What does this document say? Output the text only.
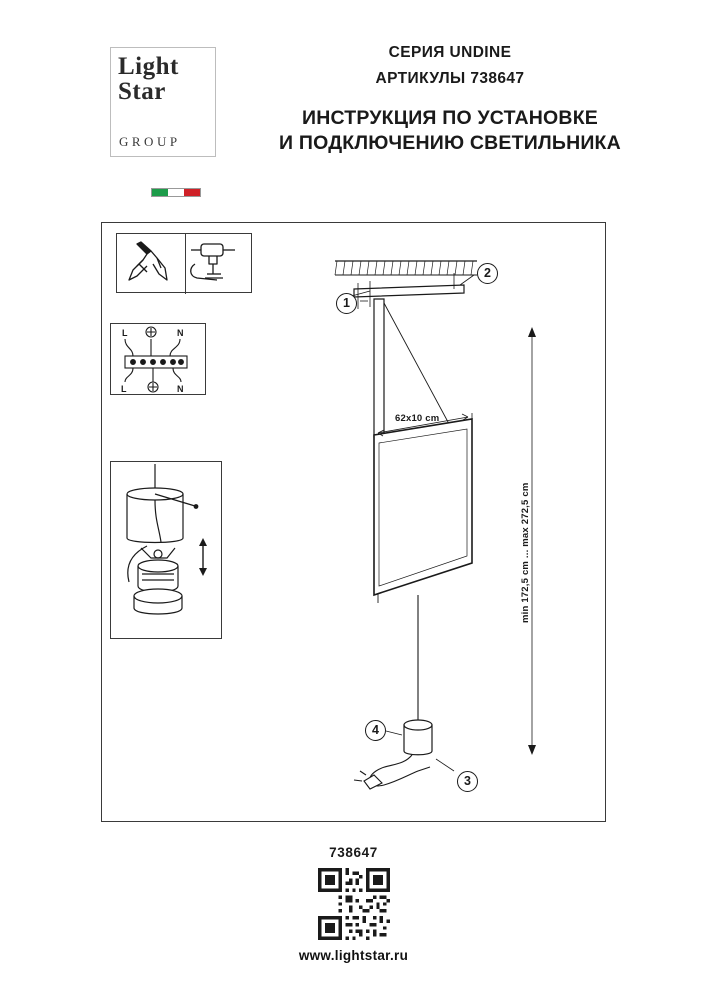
Light
Star
GROUP
СЕРИЯ UNDINE
АРТИКУЛЫ 738647
ИНСТРУКЦИЯ ПО УСТАНОВКЕ
И ПОДКЛЮЧЕНИЮ СВЕТИЛЬНИКА
L	N
L	N
1
2
3
4
62x10 cm
min 172,5 cm ... max 272,5 cm
738647
www.lightstar.ru
